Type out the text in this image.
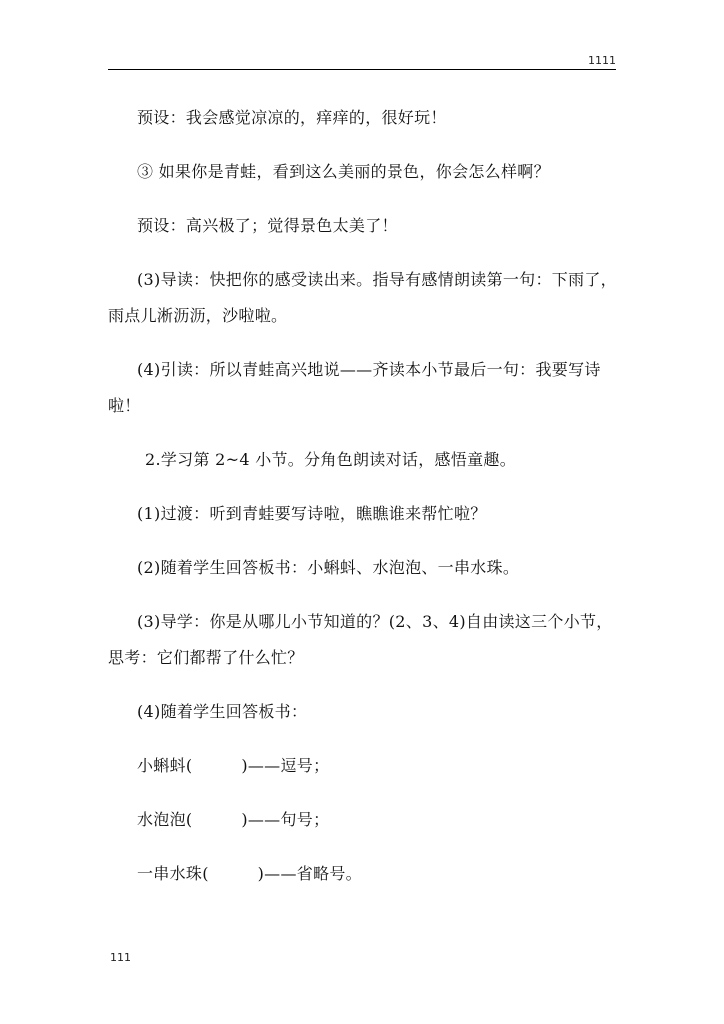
1111

预设：我会感觉凉凉的，痒痒的，很好玩！

③ 如果你是青蛙，看到这么美丽的景色，你会怎么样啊？

预设：高兴极了；觉得景色太美了！

(3)导读：快把你的感受读出来。指导有感情朗读第一句：下雨了，雨点儿淅沥沥，沙啦啦。

(4)引读：所以青蛙高兴地说——齐读本小节最后一句：我要写诗啦！

2.学习第 2~4 小节。分角色朗读对话，感悟童趣。

(1)过渡：听到青蛙要写诗啦，瞧瞧谁来帮忙啦？

(2)随着学生回答板书：小蝌蚪、水泡泡、一串水珠。

(3)导学：你是从哪儿小节知道的？(2、3、4)自由读这三个小节，思考：它们都帮了什么忙？

(4)随着学生回答板书：

小蝌蚪(　　　)——逗号；

水泡泡(　　　)——句号；

一串水珠(　　　)——省略号。

111
